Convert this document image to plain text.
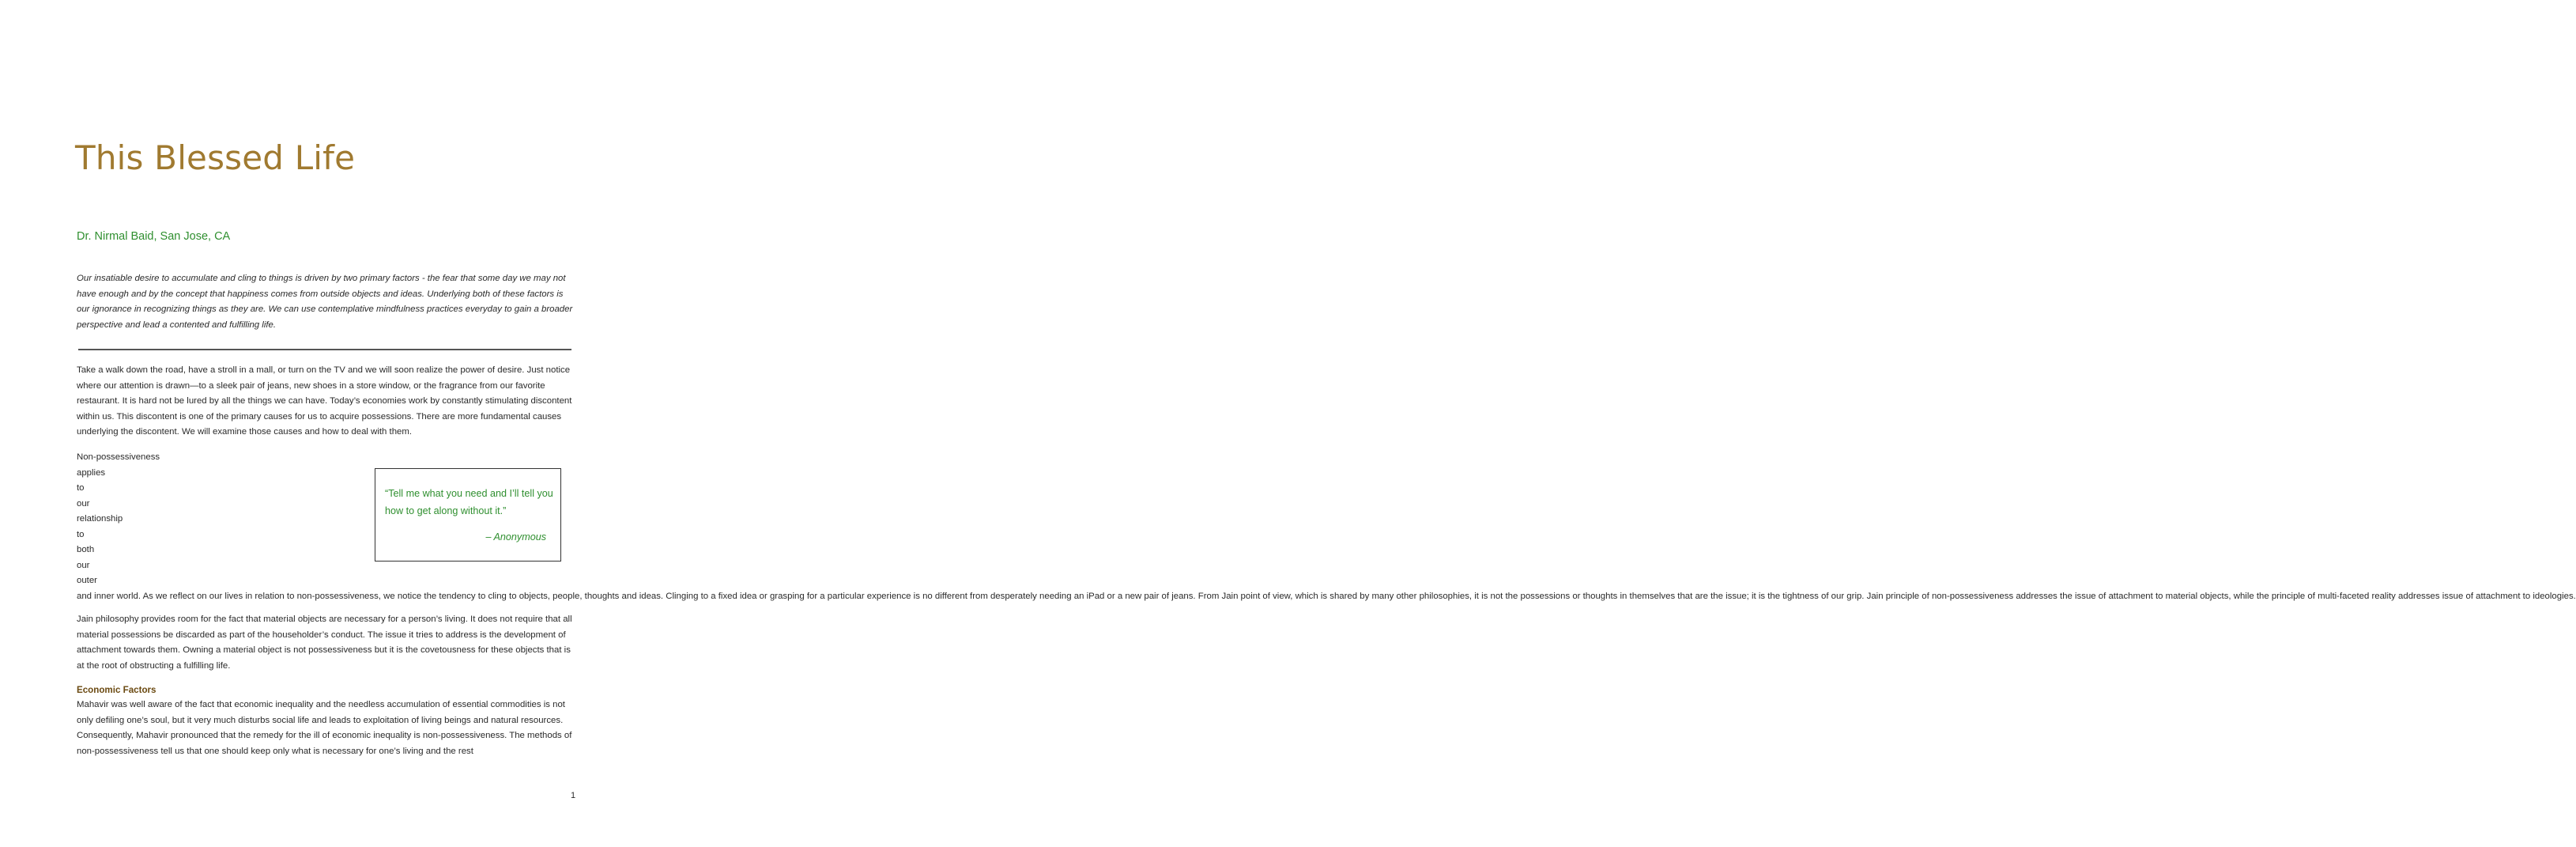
This Blessed Life
Dr. Nirmal Baid, San Jose, CA
Our insatiable desire to accumulate and cling to things is driven by two primary factors - the fear that some day we may not have enough and by the concept that happiness comes from outside objects and ideas. Underlying both of these factors is our ignorance in recognizing things as they are. We can use contemplative mindfulness practices everyday to gain a broader perspective and lead a contented and fulfilling life.
Take a walk down the road, have a stroll in a mall, or turn on the TV and we will soon realize the power of desire. Just notice where our attention is drawn—to a sleek pair of jeans, new shoes in a store window, or the fragrance from our favorite restaurant. It is hard not be lured by all the things we can have. Today’s economies work by constantly stimulating discontent within us. This discontent is one of the primary causes for us to acquire possessions. There are more fundamental causes underlying the discontent. We will examine those causes and how to deal with them.
Non-possessiveness
applies
to
our
relationship
to
both
our
outer
and inner world. As we reflect on our lives in relation to non-possessiveness, we notice the tendency to cling to objects, people, thoughts and ideas. Clinging to a fixed idea or grasping for a particular experience is no different from desperately needing an iPad or a new pair of jeans. From Jain point of view, which is shared by many other philosophies, it is not the possessions or thoughts in themselves that are the issue; it is the tightness of our grip. Jain principle of non-possessiveness addresses the issue of attachment to material objects, while the principle of multi-faceted reality addresses issue of attachment to ideologies.
“Tell me what you need and I’ll tell you how to get along without it.”
– Anonymous
Jain philosophy provides room for the fact that material objects are necessary for a person’s living. It does not require that all material possessions be discarded as part of the householder’s conduct. The issue it tries to address is the development of attachment towards them. Owning a material object is not possessiveness but it is the covetousness for these objects that is at the root of obstructing a fulfilling life.
Economic Factors
Mahavir was well aware of the fact that economic inequality and the needless accumulation of essential commodities is not only defiling one’s soul, but it very much disturbs social life and leads to exploitation of living beings and natural resources. Consequently, Mahavir pronounced that the remedy for the ill of economic inequality is non-possessiveness. The methods of non-possessiveness tell us that one should keep only what is necessary for one’s living and the rest
1
